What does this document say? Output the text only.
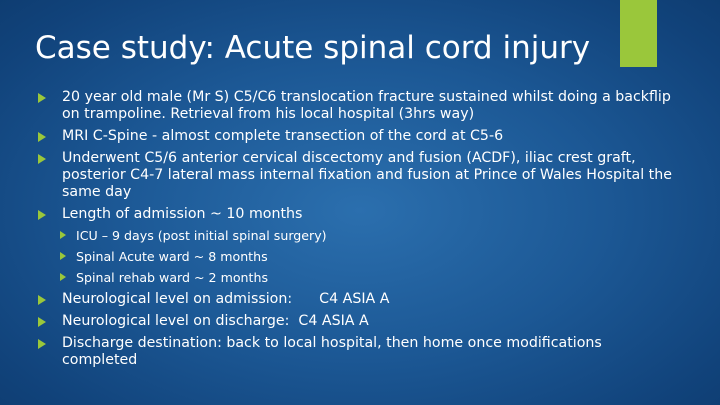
Case study: Acute spinal cord injury
20 year old male (Mr S) C5/C6 translocation fracture sustained whilst doing a backflip on trampoline. Retrieval from his local hospital (3hrs way)
MRI C-Spine - almost complete transection of the cord at C5-6
Underwent C5/6 anterior cervical discectomy and fusion (ACDF), iliac crest graft, posterior C4-7 lateral mass internal fixation and fusion at Prince of Wales Hospital the same day
Length of admission ~ 10 months
ICU – 9 days (post initial spinal surgery)
Spinal Acute ward ~ 8 months
Spinal rehab ward ~ 2 months
Neurological level on admission:      C4 ASIA A
Neurological level on discharge:  C4 ASIA A
Discharge destination: back to local hospital, then home once modifications completed
